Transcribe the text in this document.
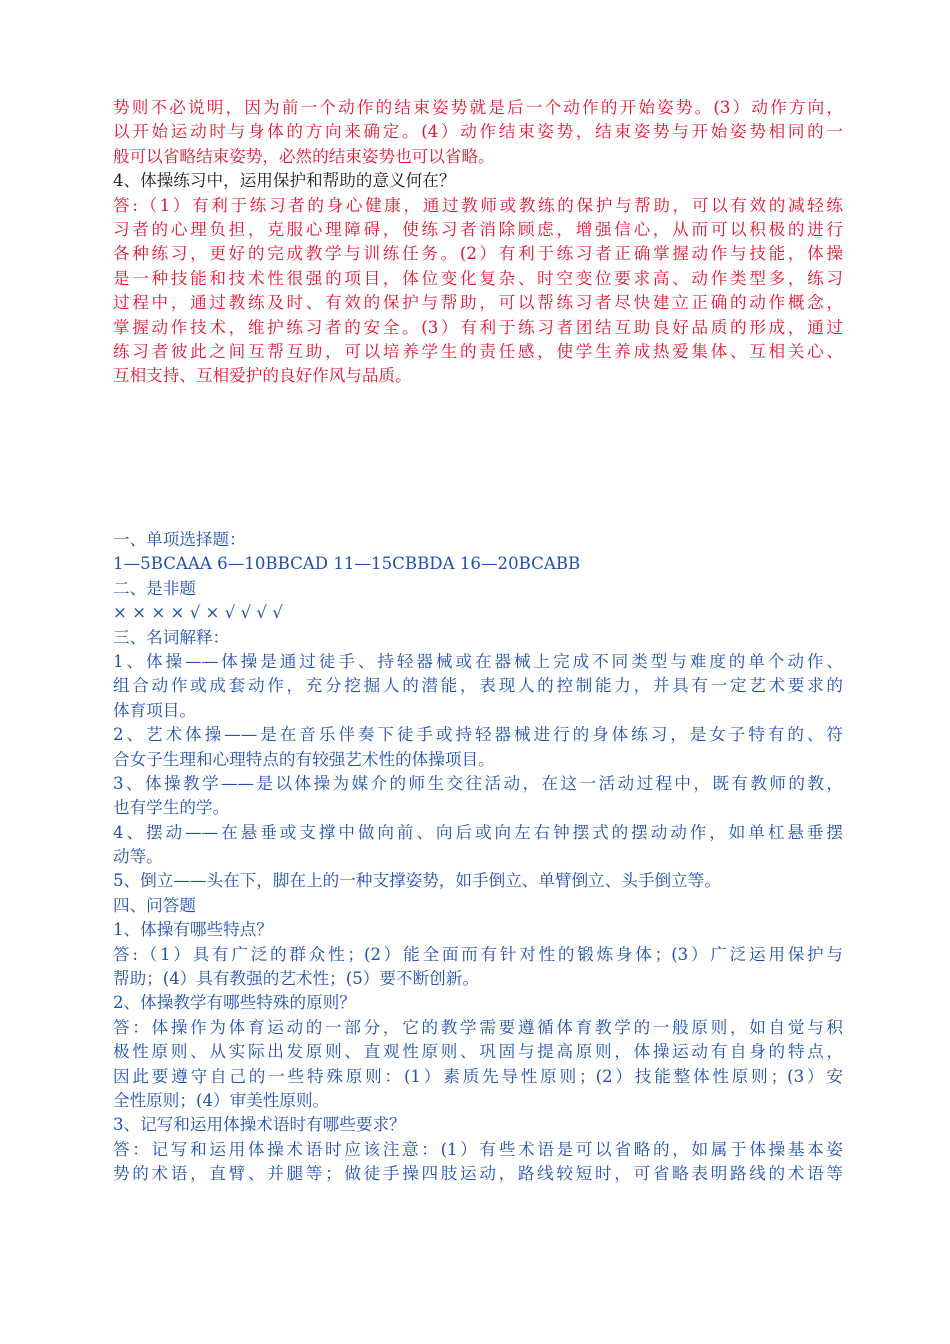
势则不必说明，因为前一个动作的结束姿势就是后一个动作的开始姿势。(3）动作方向，
以开始运动时与身体的方向来确定。(4）动作结束姿势，结束姿势与开始姿势相同的一
般可以省略结束姿势，必然的结束姿势也可以省略。
4、体操练习中，运用保护和帮助的意义何在？
答:（1）有利于练习者的身心健康，通过教师或教练的保护与帮助，可以有效的减轻练
习者的心理负担，克服心理障碍，使练习者消除顾虑，增强信心，从而可以积极的进行
各种练习，更好的完成教学与训练任务。(2）有利于练习者正确掌握动作与技能，体操
是一种技能和技术性很强的项目，体位变化复杂、时空变位要求高、动作类型多，练习
过程中，通过教练及时、有效的保护与帮助，可以帮练习者尽快建立正确的动作概念，
掌握动作技术，维护练习者的安全。(3）有利于练习者团结互助良好品质的形成，通过
练习者彼此之间互帮互助，可以培养学生的责任感，使学生养成热爱集体、互相关心、
互相支持、互相爱护的良好作风与品质。
一、单项选择题：
1—5BCAAA 6—10BBCAD 11—15CBBDA 16—20BCABB
二、是非题
× × × × √ × √ √ √ √
三、名词解释：
1、体操——体操是通过徒手、持轻器械或在器械上完成不同类型与难度的单个动作、
组合动作或成套动作，充分挖掘人的潜能，表现人的控制能力，并具有一定艺术要求的
体育项目。
2、艺术体操——是在音乐伴奏下徒手或持轻器械进行的身体练习，是女子特有的、符
合女子生理和心理特点的有较强艺术性的体操项目。
3、体操教学——是以体操为媒介的师生交往活动，在这一活动过程中，既有教师的教，
也有学生的学。
4、摆动——在悬垂或支撑中做向前、向后或向左右钟摆式的摆动动作，如单杠悬垂摆
动等。
5、倒立——头在下，脚在上的一种支撑姿势，如手倒立、单臂倒立、头手倒立等。
四、问答题
1、体操有哪些特点？
答:（1）具有广泛的群众性；(2）能全面而有针对性的锻炼身体；(3）广泛运用保护与
帮助；(4）具有教强的艺术性；(5）要不断创新。
2、体操教学有哪些特殊的原则？
答：体操作为体育运动的一部分，它的教学需要遵循体育教学的一般原则，如自觉与积
极性原则、从实际出发原则、直观性原则、巩固与提高原则，体操运动有自身的特点，
因此要遵守自己的一些特殊原则：(1）素质先导性原则；(2）技能整体性原则；(3）安
全性原则；(4）审美性原则。
3、记写和运用体操术语时有哪些要求？
答：记写和运用体操术语时应该注意：(1）有些术语是可以省略的，如属于体操基本姿
势的术语，直臂、并腿等；做徒手操四肢运动，路线较短时，可省略表明路线的术语等
